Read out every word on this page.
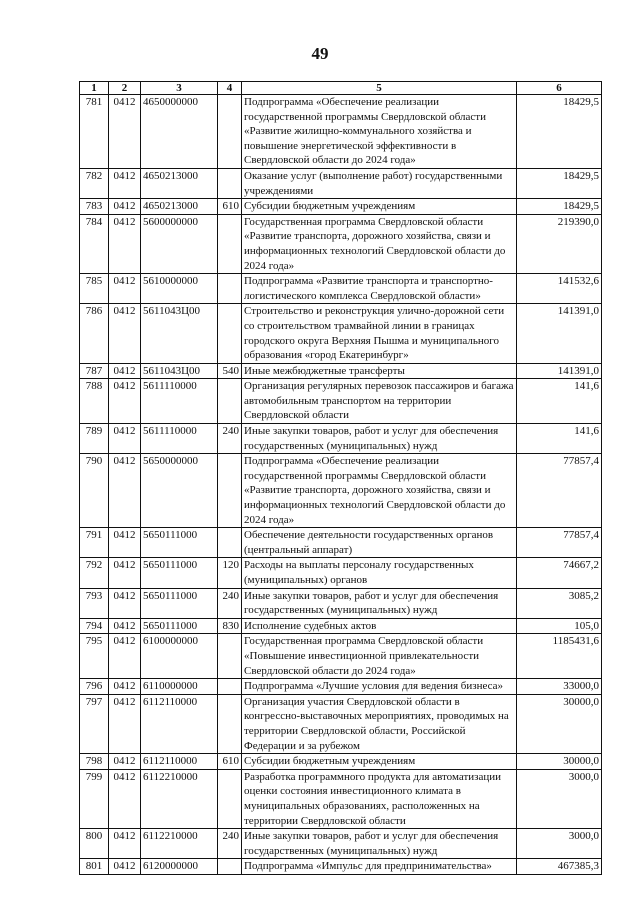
49
1	2	3	4	5	6
781	0412	4650000000		Подпрограмма «Обеспечение реализации государственной программы Свердловской области «Развитие жилищно-коммунального хозяйства и повышение энергетической эффективности в Свердловской области до 2024 года»	18429,5
782	0412	4650213000		Оказание услуг (выполнение работ) государственными учреждениями	18429,5
783	0412	4650213000	610	Субсидии бюджетным учреждениям	18429,5
784	0412	5600000000		Государственная программа Свердловской области «Развитие транспорта, дорожного хозяйства, связи и информационных технологий Свердловской области до 2024 года»	219390,0
785	0412	5610000000		Подпрограмма «Развитие транспорта и транспортно-логистического комплекса Свердловской области»	141532,6
786	0412	5611043Ц00		Строительство и реконструкция улично-дорожной сети со строительством трамвайной линии в границах городского округа Верхняя Пышма и муниципального образования «город Екатеринбург»	141391,0
787	0412	5611043Ц00	540	Иные межбюджетные трансферты	141391,0
788	0412	5611110000		Организация регулярных перевозок пассажиров и багажа автомобильным транспортом на территории Свердловской области	141,6
789	0412	5611110000	240	Иные закупки товаров, работ и услуг для обеспечения государственных (муниципальных) нужд	141,6
790	0412	5650000000		Подпрограмма «Обеспечение реализации государственной программы Свердловской области «Развитие транспорта, дорожного хозяйства, связи и информационных технологий Свердловской области до 2024 года»	77857,4
791	0412	5650111000		Обеспечение деятельности государственных органов (центральный аппарат)	77857,4
792	0412	5650111000	120	Расходы на выплаты персоналу государственных (муниципальных) органов	74667,2
793	0412	5650111000	240	Иные закупки товаров, работ и услуг для обеспечения государственных (муниципальных) нужд	3085,2
794	0412	5650111000	830	Исполнение судебных актов	105,0
795	0412	6100000000		Государственная программа Свердловской области «Повышение инвестиционной привлекательности Свердловской области до 2024 года»	1185431,6
796	0412	6110000000		Подпрограмма «Лучшие условия для ведения бизнеса»	33000,0
797	0412	6112110000		Организация участия Свердловской области в конгрессно-выставочных мероприятиях, проводимых на территории Свердловской области, Российской Федерации и за рубежом	30000,0
798	0412	6112110000	610	Субсидии бюджетным учреждениям	30000,0
799	0412	6112210000		Разработка программного продукта для автоматизации оценки состояния инвестиционного климата в муниципальных образованиях, расположенных на территории Свердловской области	3000,0
800	0412	6112210000	240	Иные закупки товаров, работ и услуг для обеспечения государственных (муниципальных) нужд	3000,0
801	0412	6120000000		Подпрограмма «Импульс для предпринимательства»	467385,3
